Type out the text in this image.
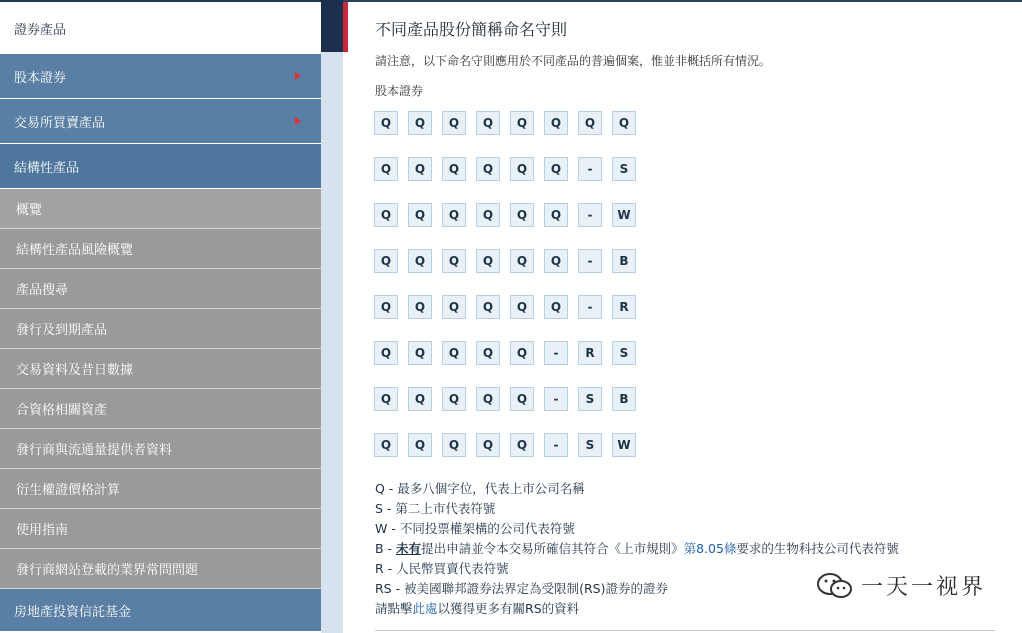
證券產品
股本證券
交易所買賣產品
結構性產品
概覽
結構性產品風險概覽
產品搜尋
發行及到期產品
交易資料及昔日數據
合資格相關資產
發行商與流通量提供者資料
衍生權證價格計算
使用指南
發行商網站登載的業界常問問題
房地產投資信託基金
不同產品股份簡稱命名守則
請注意，以下命名守則應用於不同產品的普遍個案，惟並非概括所有情況。
股本證券
Q	Q	Q	Q	Q	Q	Q	Q
Q	Q	Q	Q	Q	Q	-	S
Q	Q	Q	Q	Q	Q	-	W
Q	Q	Q	Q	Q	Q	-	B
Q	Q	Q	Q	Q	Q	-	R
Q	Q	Q	Q	Q	-	R	S
Q	Q	Q	Q	Q	-	S	B
Q	Q	Q	Q	Q	-	S	W
Q - 最多八個字位，代表上市公司名稱
S - 第二上市代表符號
W - 不同投票權架構的公司代表符號
B - 未有提出申請並令本交易所確信其符合《上市規則》第8.05條要求的生物科技公司代表符號
R - 人民幣買賣代表符號
RS - 被美國聯邦證券法界定為受限制(RS)證券的證券
請點擊此處以獲得更多有關RS的資料
一天一视界
